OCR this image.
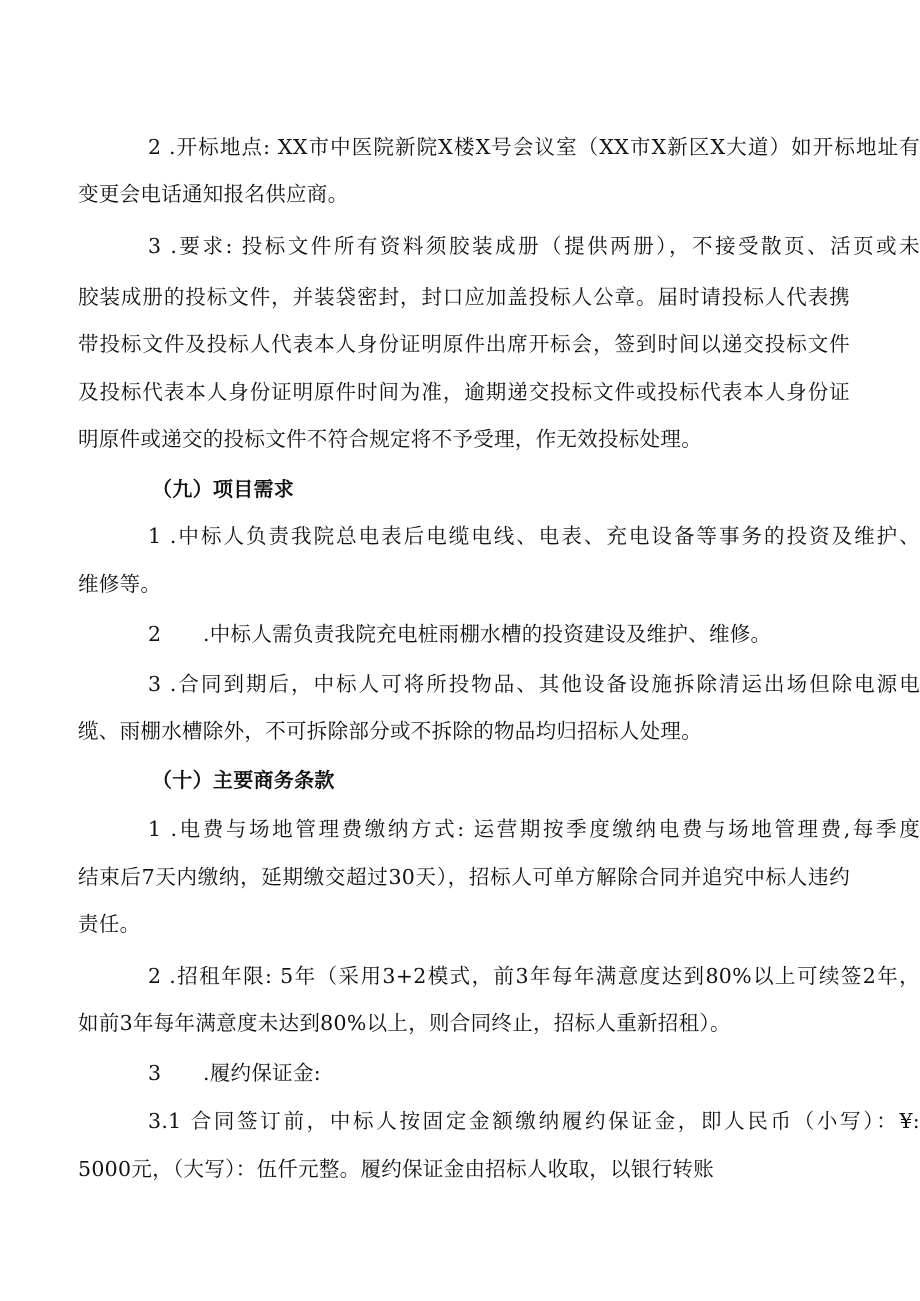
2 .开标地点: XX市中医院新院X楼X号会议室（XX市X新区X大道）如开标地址有
变更会电话通知报名供应商。
3 .要求: 投标文件所有资料须胶装成册（提供两册），不接受散页、活页或未
胶装成册的投标文件，并装袋密封，封口应加盖投标人公章。届时请投标人代表携
带投标文件及投标人代表本人身份证明原件出席开标会，签到时间以递交投标文件
及投标代表本人身份证明原件时间为准，逾期递交投标文件或投标代表本人身份证
明原件或递交的投标文件不符合规定将不予受理，作无效投标处理。
（九）项目需求
1 .中标人负责我院总电表后电缆电线、电表、充电设备等事务的投资及维护、
维修等。
2　　.中标人需负责我院充电桩雨棚水槽的投资建设及维护、维修。
3 .合同到期后，中标人可将所投物品、其他设备设施拆除清运出场但除电源电
缆、雨棚水槽除外，不可拆除部分或不拆除的物品均归招标人处理。
（十）主要商务条款
1 .电费与场地管理费缴纳方式: 运营期按季度缴纳电费与场地管理费,每季度
结束后7天内缴纳，延期缴交超过30天），招标人可单方解除合同并追究中标人违约
责任。
2 .招租年限: 5年（采用3+2模式，前3年每年满意度达到80%以上可续签2年，
如前3年每年满意度未达到80%以上，则合同终止，招标人重新招租）。
3　　.履约保证金:
3.1 合同签订前，中标人按固定金额缴纳履约保证金，即人民币（小写）：¥:
5000元，（大写）：伍仟元整。履约保证金由招标人收取，以银行转账
